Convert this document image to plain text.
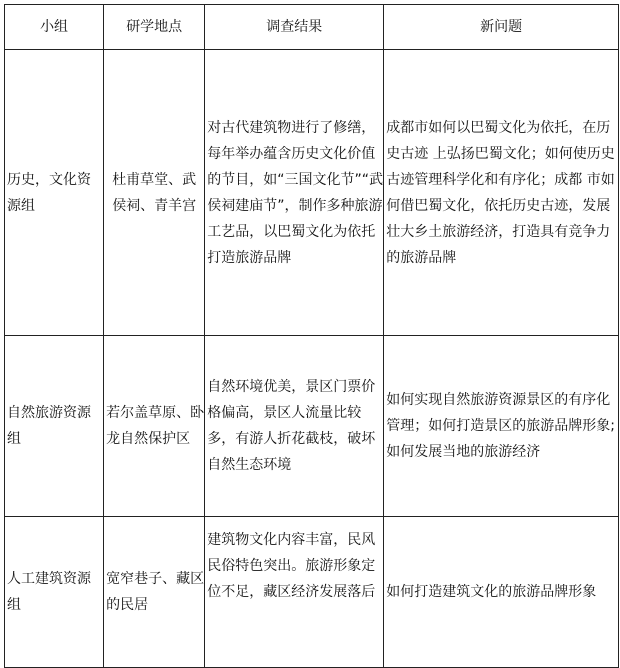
小组	研学地点	调查结果	新问题
历史，文化资源组	杜甫草堂、武侯祠、青羊宫	对古代建筑物进行了修缮，每年举办蕴含历史文化价值的节目，如“三国文化节”“武侯祠建庙节”，制作多种旅游工艺品，以巴蜀文化为依托打造旅游品牌	成都市如何以巴蜀文化为依托，在历史古迹 上弘扬巴蜀文化；如何使历史古迹管理科学化和有序化；成都 市如何借巴蜀文化，依托历史古迹，发展壮大乡土旅游经济，打造具有竞争力的旅游品牌
自然旅游资源组	若尔盖草原、卧龙自然保护区	自然环境优美，景区门票价格偏高，景区人流量比较多，有游人折花截枝，破坏自然生态环境	如何实现自然旅游资源景区的有序化管理；如何打造景区的旅游品牌形象;如何发展当地的旅游经济
人工建筑资源组	宽窄巷子、藏区的民居	建筑物文化内容丰富，民风民俗特色突出。旅游形象定位不足，藏区经济发展落后	如何打造建筑文化的旅游品牌形象
